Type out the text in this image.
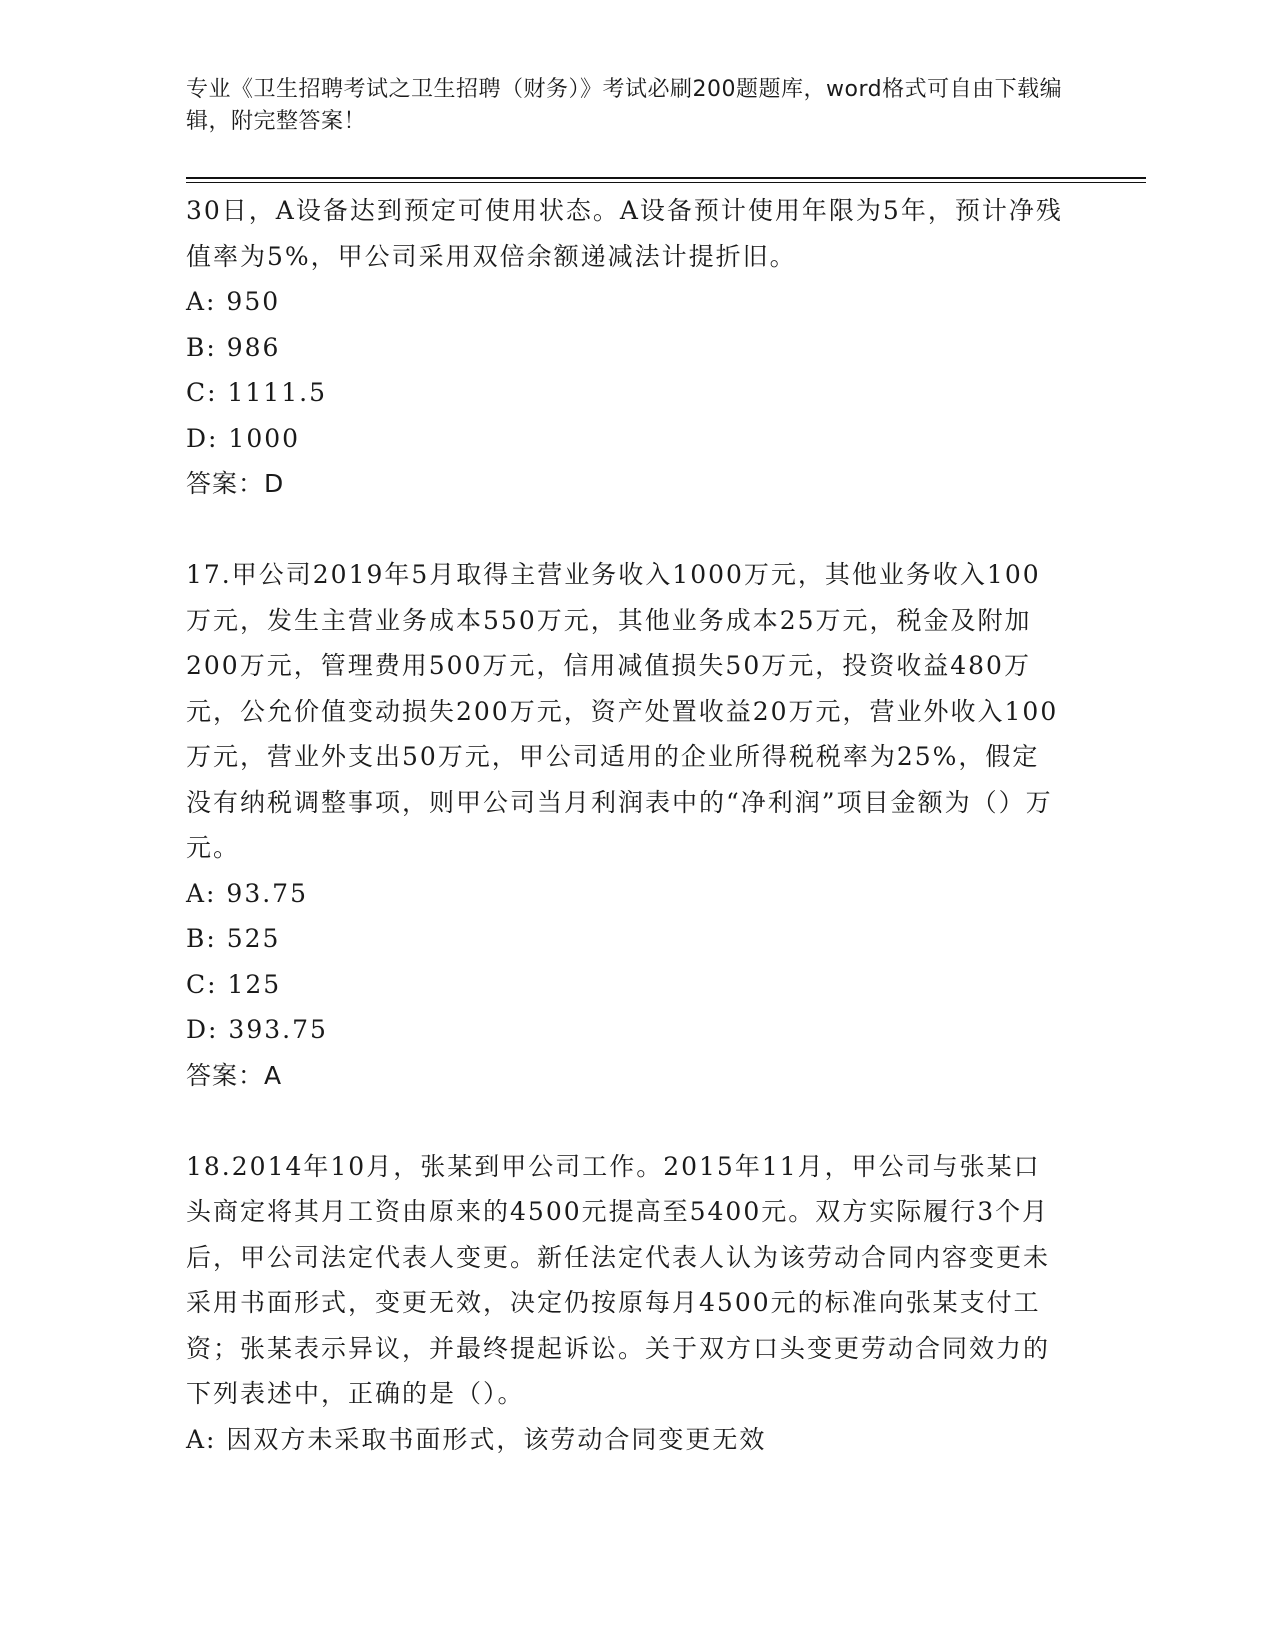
专业《卫生招聘考试之卫生招聘（财务）》考试必刷200题题库，word格式可自由下载编辑，附完整答案！

30日，A设备达到预定可使用状态。A设备预计使用年限为5年，预计净残值率为5%，甲公司采用双倍余额递减法计提折旧。

A: 950

B: 986

C: 1111.5

D: 1000

答案：D

17.甲公司2019年5月取得主营业务收入1000万元，其他业务收入100万元，发生主营业务成本550万元，其他业务成本25万元，税金及附加200万元，管理费用500万元，信用减值损失50万元，投资收益480万元，公允价值变动损失200万元，资产处置收益20万元，营业外收入100万元，营业外支出50万元，甲公司适用的企业所得税税率为25%，假定没有纳税调整事项，则甲公司当月利润表中的“净利润”项目金额为（）万元。

A: 93.75

B: 525

C: 125

D: 393.75

答案：A

18.2014年10月，张某到甲公司工作。2015年11月，甲公司与张某口头商定将其月工资由原来的4500元提高至5400元。双方实际履行3个月后，甲公司法定代表人变更。新任法定代表人认为该劳动合同内容变更未采用书面形式，变更无效，决定仍按原每月4500元的标准向张某支付工资；张某表示异议，并最终提起诉讼。关于双方口头变更劳动合同效力的下列表述中，正确的是（）。

A: 因双方未采取书面形式，该劳动合同变更无效
